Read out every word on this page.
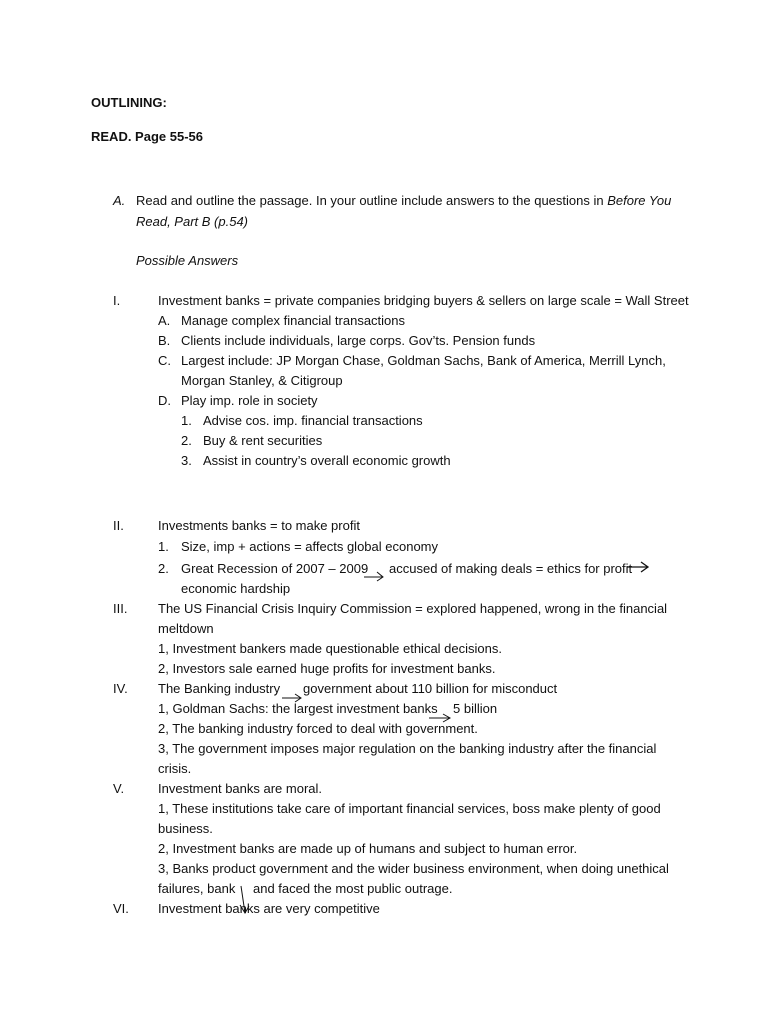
OUTLINING:
READ. Page 55-56
A. Read and outline the passage. In your outline include answers to the questions in Before You
Read, Part B (p.54)
Possible Answers
I.	Investment banks = private companies bridging buyers & sellers on large scale = Wall Street
A. Manage complex financial transactions
B. Clients include individuals, large corps. Gov’ts. Pension funds
C. Largest include: JP Morgan Chase, Goldman Sachs, Bank of America, Merrill Lynch,
Morgan Stanley, & Citigroup
D. Play imp. role in society
1. Advise cos. imp. financial transactions
2. Buy & rent securities
3. Assist in country’s overall economic growth
II.	Investments banks = to make profit
1. Size, imp + actions = affects global economy
2. Great Recession of 2007 – 2009 accused of making deals = ethics for profit
economic hardship
III. The US Financial Crisis Inquiry Commission = explored happened, wrong in the financial
meltdown
1, Investment bankers made questionable ethical decisions.
2, Investors sale earned huge profits for investment banks.
IV. The Banking industry government about 110 billion for misconduct
1, Goldman Sachs: the largest investment banks 5 billion
2, The banking industry forced to deal with government.
3, The government imposes major regulation on the banking industry after the financial
crisis.
V.	Investment banks are moral.
1, These institutions take care of important financial services, boss make plenty of good
business.
2, Investment banks are made up of humans and subject to human error.
3, Banks product government and the wider business environment, when doing unethical
failures, bank and faced the most public outrage.
VI. Investment banks are very competitive
